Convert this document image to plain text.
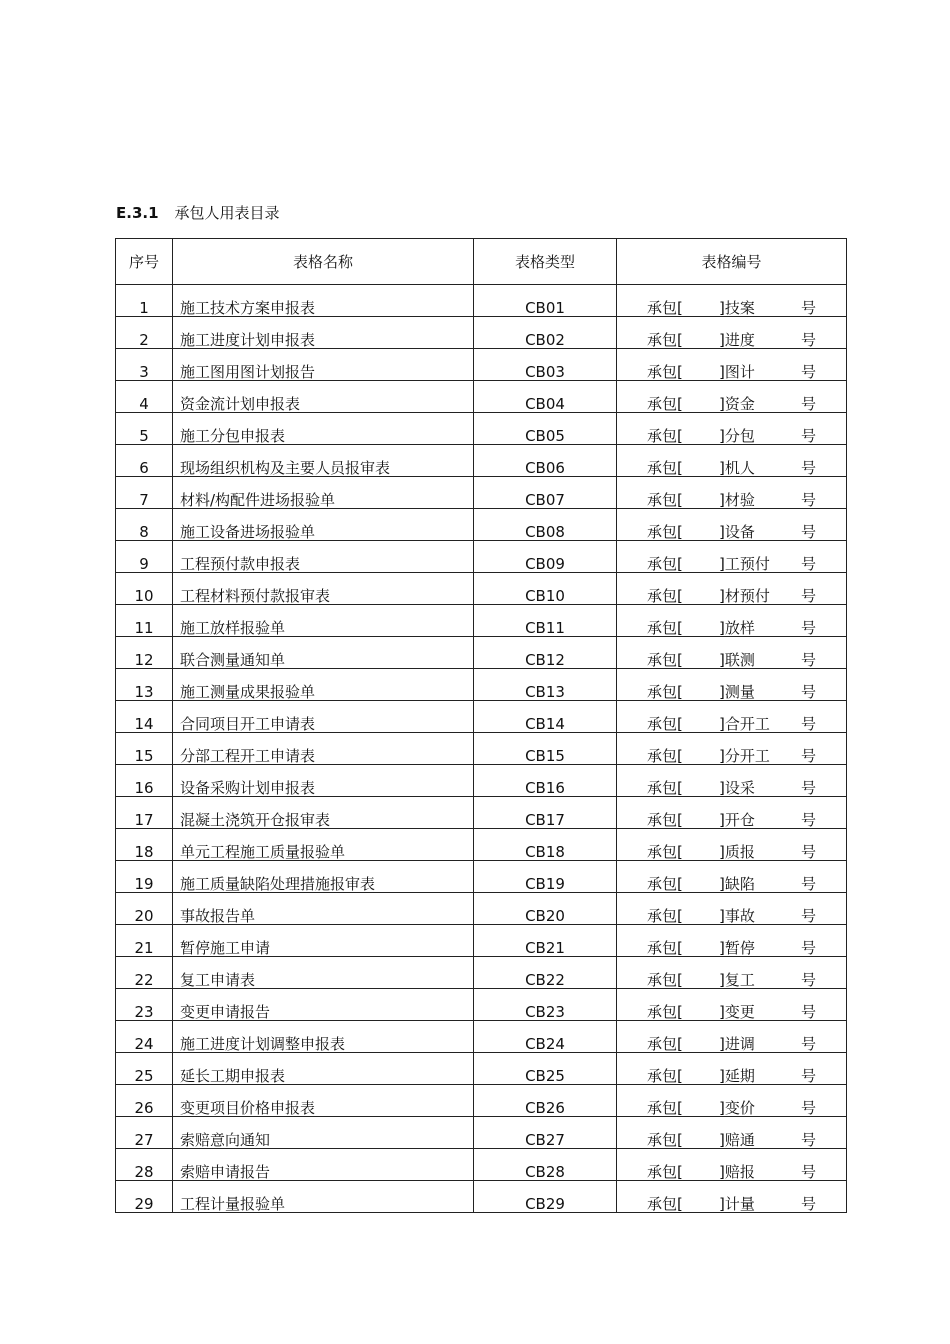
E.3.1 承包人用表目录
序号	表格名称	表格类型	表格编号
1	施工技术方案申报表	CB01	承包[ ]技案 号

2	施工进度计划申报表	CB02	承包[ ]进度 号

3	施工图用图计划报告	CB03	承包[ ]图计 号

4	资金流计划申报表	CB04	承包[ ]资金 号

5	施工分包申报表	CB05	承包[ ]分包 号

6	现场组织机构及主要人员报审表	CB06	承包[ ]机人 号

7	材料/构配件进场报验单	CB07	承包[ ]材验 号

8	施工设备进场报验单	CB08	承包[ ]设备 号

9	工程预付款申报表	CB09	承包[ ]工预付 号

10	工程材料预付款报审表	CB10	承包[ ]材预付 号

11	施工放样报验单	CB11	承包[ ]放样 号

12	联合测量通知单	CB12	承包[ ]联测 号

13	施工测量成果报验单	CB13	承包[ ]测量 号

14	合同项目开工申请表	CB14	承包[ ]合开工 号

15	分部工程开工申请表	CB15	承包[ ]分开工 号

16	设备采购计划申报表	CB16	承包[ ]设采 号

17	混凝土浇筑开仓报审表	CB17	承包[ ]开仓 号

18	单元工程施工质量报验单	CB18	承包[ ]质报 号

19	施工质量缺陷处理措施报审表	CB19	承包[ ]缺陷 号

20	事故报告单	CB20	承包[ ]事故 号

21	暂停施工申请	CB21	承包[ ]暂停 号

22	复工申请表	CB22	承包[ ]复工 号

23	变更申请报告	CB23	承包[ ]变更 号

24	施工进度计划调整申报表	CB24	承包[ ]进调 号

25	延长工期申报表	CB25	承包[ ]延期 号

26	变更项目价格申报表	CB26	承包[ ]变价 号

27	索赔意向通知	CB27	承包[ ]赔通 号

28	索赔申请报告	CB28	承包[ ]赔报 号

29	工程计量报验单	CB29	承包[ ]计量 号
